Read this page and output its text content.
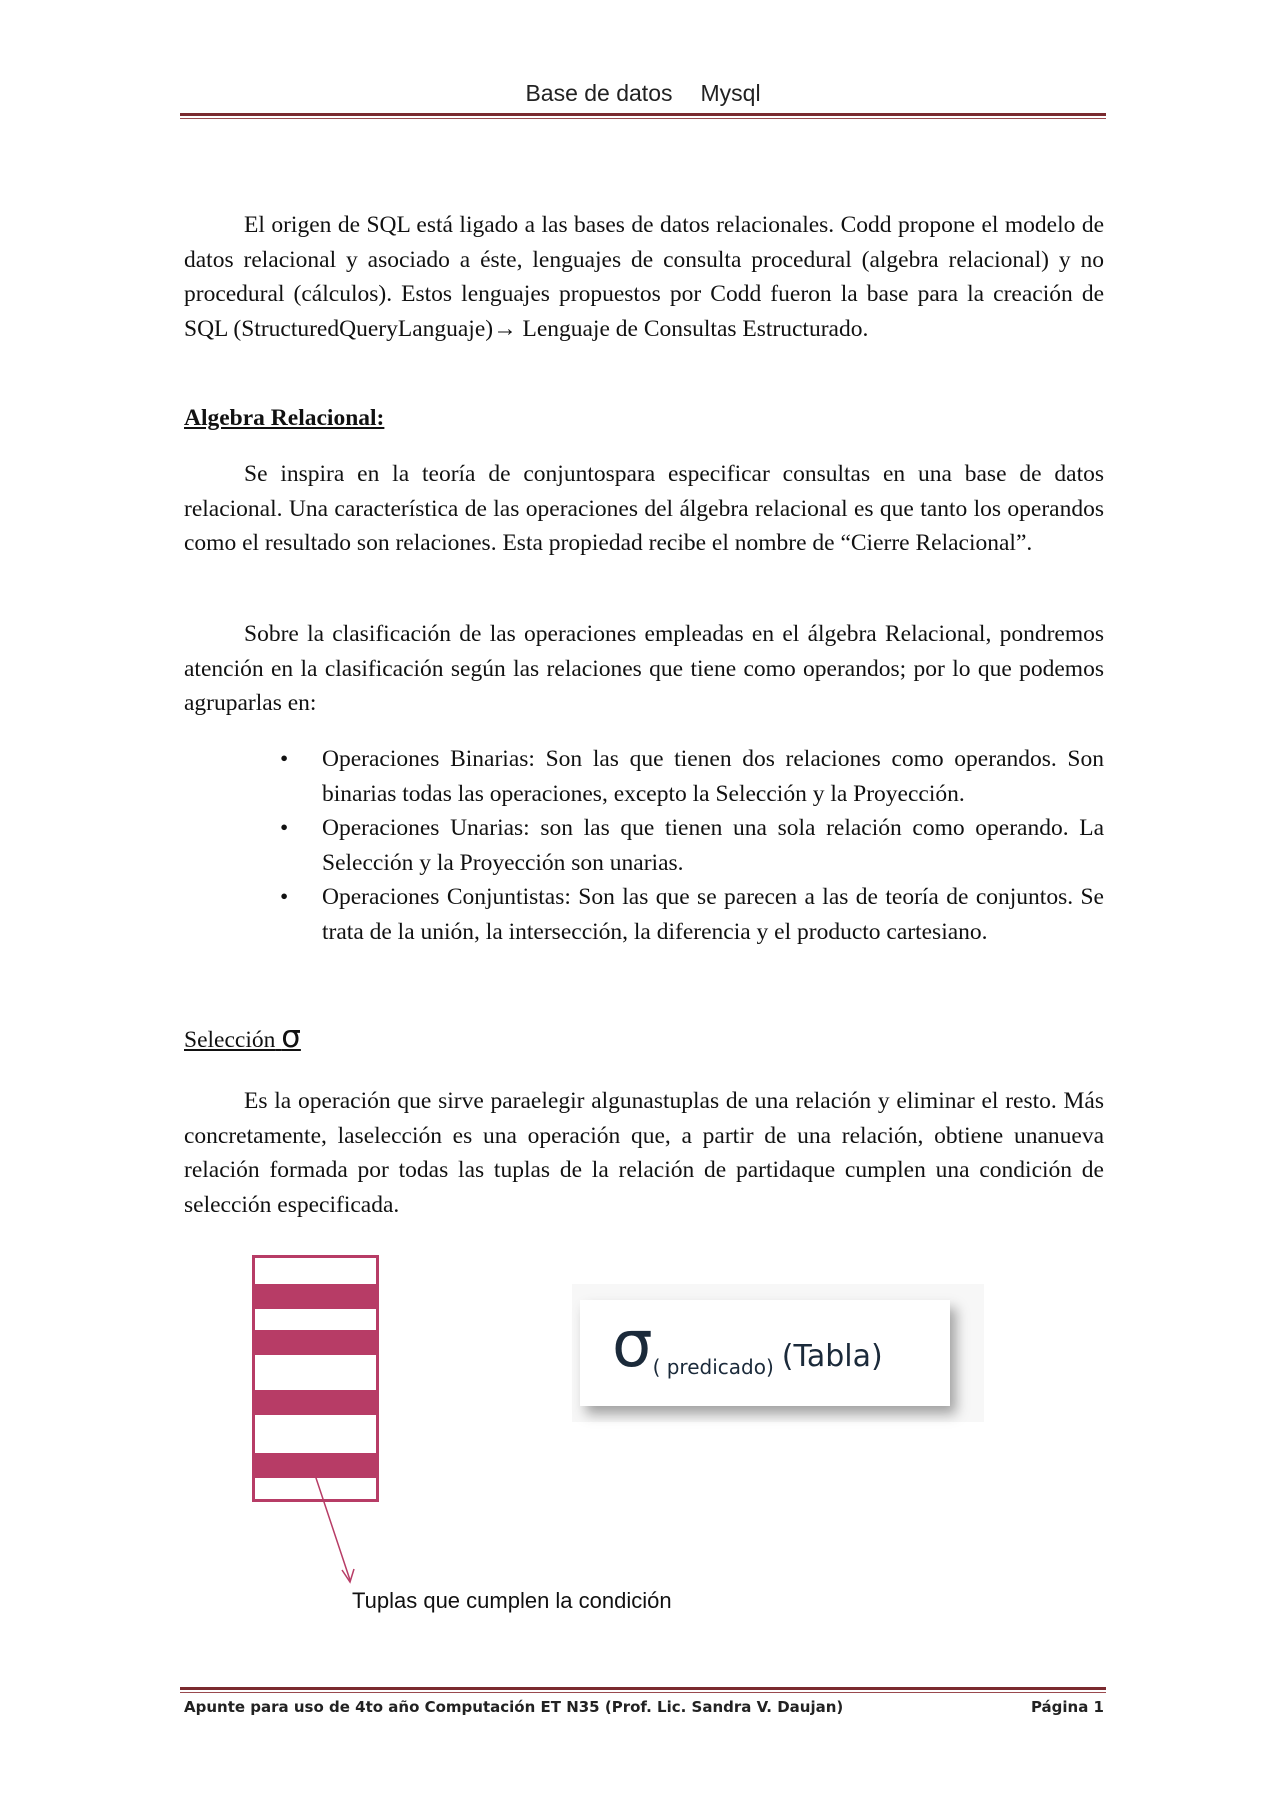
Base de datos Mysql

El origen de SQL está ligado a las bases de datos relacionales. Codd propone el modelo de datos relacional y asociado a éste, lenguajes de consulta procedural (algebra relacional) y no procedural (cálculos). Estos lenguajes propuestos por Codd fueron la base para la creación de SQL (StructuredQueryLanguaje)→ Lenguaje de Consultas Estructurado.

Algebra Relacional:

Se inspira en la teoría de conjuntospara especificar consultas en una base de datos relacional. Una característica de las operaciones del álgebra relacional es que tanto los operandos como el resultado son relaciones. Esta propiedad recibe el nombre de “Cierre Relacional”.

Sobre la clasificación de las operaciones empleadas en el álgebra Relacional, pondremos atención en la clasificación según las relaciones que tiene como operandos; por lo que podemos agruparlas en:

• Operaciones Binarias: Son las que tienen dos relaciones como operandos. Son binarias todas las operaciones, excepto la Selección y la Proyección.
• Operaciones Unarias: son las que tienen una sola relación como operando. La Selección y la Proyección son unarias.
• Operaciones Conjuntistas: Son las que se parecen a las de teoría de conjuntos. Se trata de la unión, la intersección, la diferencia y el producto cartesiano.

Selección σ

Es la operación que sirve paraelegir algunastuplas de una relación y eliminar el resto. Más concretamente, laselección es una operación que, a partir de una relación, obtiene unanueva relación formada por todas las tuplas de la relación de partidaque cumplen una condición de selección especificada.

σ( predicado) (Tabla)
Tuplas que cumplen la condición
Apunte para uso de 4to año Computación ET N35 (Prof. Lic. Sandra V. Daujan)	Página 1
